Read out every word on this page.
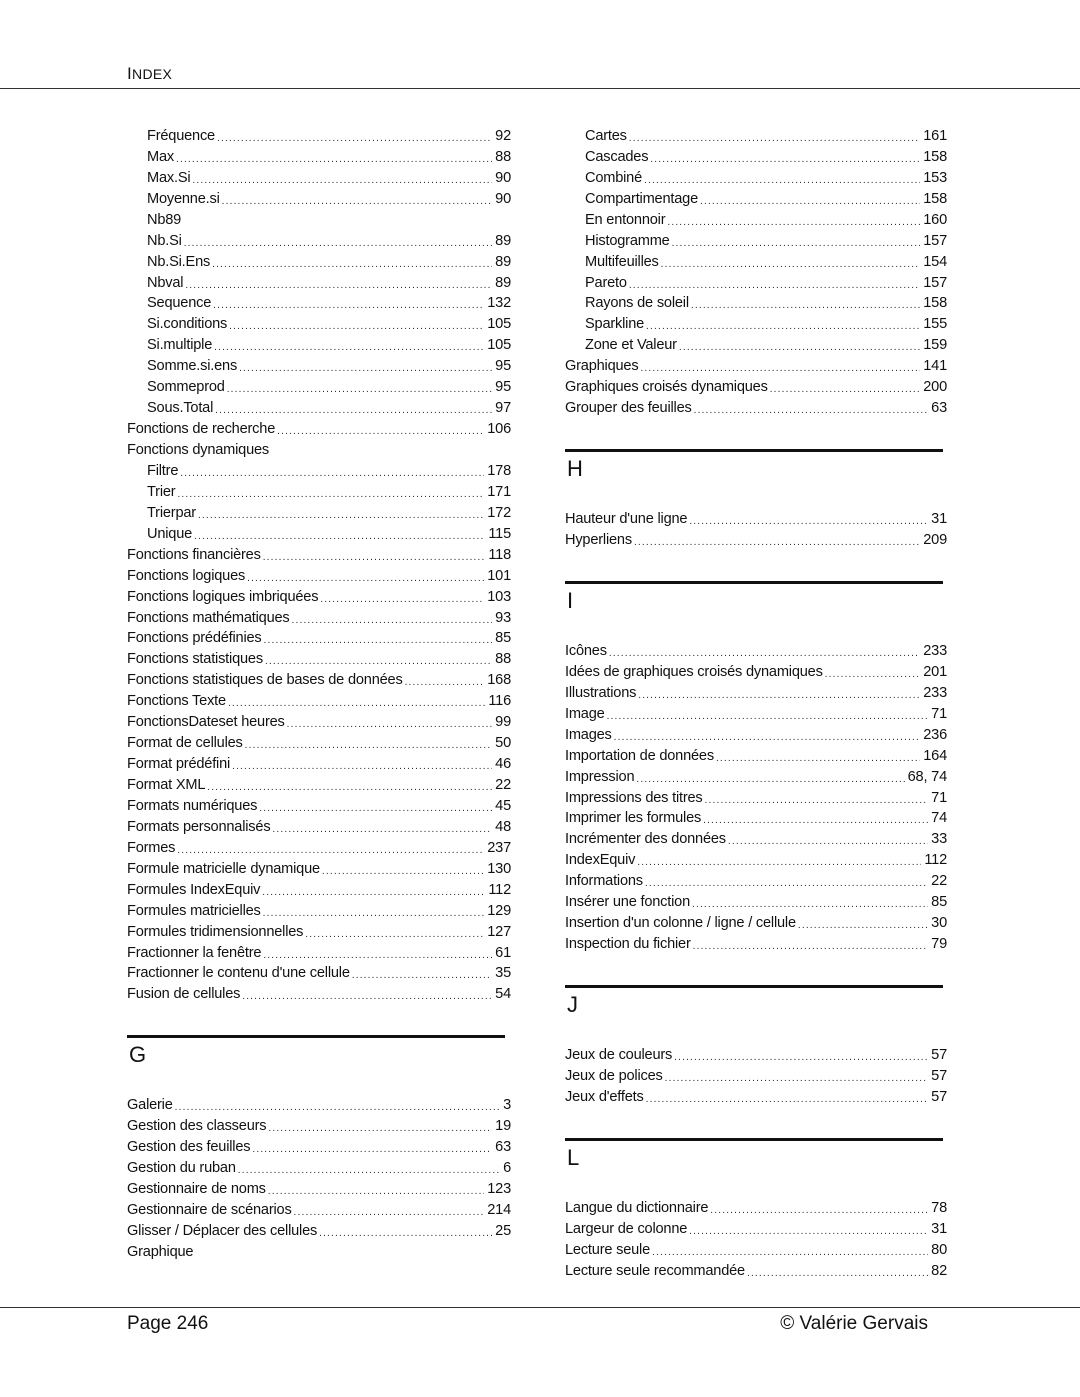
INDEX
Fréquence .....	92
Max .....	88
Max.Si .....	90
Moyenne.si .....	90
Nb89
Nb.Si .....	89
Nb.Si.Ens .....	89
Nbval .....	89
Sequence .....	132
Si.conditions .....	105
Si.multiple .....	105
Somme.si.ens .....	95
Sommeprod .....	95
Sous.Total .....	97
Fonctions de recherche .....	106
Fonctions dynamiques
Filtre .....	178
Trier .....	171
Trierpar .....	172
Unique .....	115
Fonctions financières .....	118
Fonctions logiques .....	101
Fonctions logiques imbriquées .....	103
Fonctions mathématiques .....	93
Fonctions prédéfinies .....	85
Fonctions statistiques .....	88
Fonctions statistiques de bases de données .....	168
Fonctions Texte .....	116
FonctionsDateset heures .....	99
Format de cellules .....	50
Format prédéfini .....	46
Format XML .....	22
Formats numériques .....	45
Formats personnalisés .....	48
Formes .....	237
Formule matricielle dynamique .....	130
Formules IndexEquiv .....	112
Formules matricielles .....	129
Formules tridimensionnelles .....	127
Fractionner la fenêtre .....	61
Fractionner le contenu d'une cellule .....	35
Fusion de cellules .....	54
G
Galerie .....	3
Gestion des classeurs .....	19
Gestion des feuilles .....	63
Gestion du ruban .....	6
Gestionnaire de noms .....	123
Gestionnaire de scénarios .....	214
Glisser / Déplacer des cellules .....	25
Graphique
Cartes .....	161
Cascades .....	158
Combiné .....	153
Compartimentage .....	158
En entonnoir .....	160
Histogramme .....	157
Multifeuilles .....	154
Pareto .....	157
Rayons de soleil .....	158
Sparkline .....	155
Zone et Valeur .....	159
Graphiques .....	141
Graphiques croisés dynamiques .....	200
Grouper des feuilles .....	63
H
Hauteur d'une ligne .....	31
Hyperliens .....	209
I
Icônes .....	233
Idées de graphiques croisés dynamiques .....	201
Illustrations .....	233
Image .....	71
Images .....	236
Importation de données .....	164
Impression .....	68, 74
Impressions des titres .....	71
Imprimer les formules .....	74
Incrémenter des données .....	33
IndexEquiv .....	112
Informations .....	22
Insérer une fonction .....	85
Insertion d'un colonne / ligne / cellule .....	30
Inspection du fichier .....	79
J
Jeux de couleurs .....	57
Jeux de polices .....	57
Jeux d'effets .....	57
L
Langue du dictionnaire .....	78
Largeur de colonne .....	31
Lecture seule .....	80
Lecture seule recommandée .....	82
Page 246	© Valérie Gervais
